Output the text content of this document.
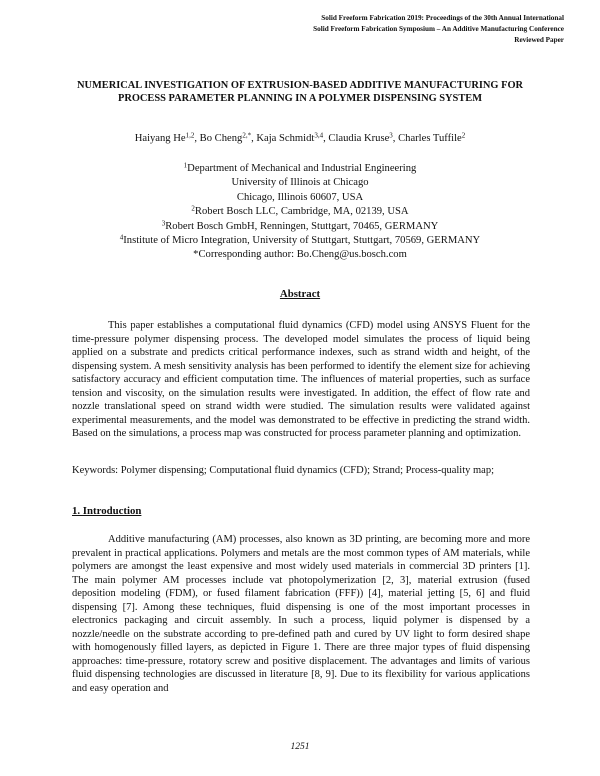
Solid Freeform Fabrication 2019: Proceedings of the 30th Annual International
Solid Freeform Fabrication Symposium – An Additive Manufacturing Conference
Reviewed Paper
NUMERICAL INVESTIGATION OF EXTRUSION-BASED ADDITIVE MANUFACTURING FOR PROCESS PARAMETER PLANNING IN A POLYMER DISPENSING SYSTEM
Haiyang He$^{1,2}$, Bo Cheng$^{2,*}$, Kaja Schmidt$^{3,4}$, Claudia Kruse$^3$, Charles Tuffile$^2$
$^1$Department of Mechanical and Industrial Engineering
University of Illinois at Chicago
Chicago, Illinois 60607, USA
$^2$Robert Bosch LLC, Cambridge, MA, 02139, USA
$^3$Robert Bosch GmbH, Renningen, Stuttgart, 70465, GERMANY
$^4$Institute of Micro Integration, University of Stuttgart, Stuttgart, 70569, GERMANY
*Corresponding author: Bo.Cheng@us.bosch.com
Abstract
This paper establishes a computational fluid dynamics (CFD) model using ANSYS Fluent for the time-pressure polymer dispensing process. The developed model simulates the process of liquid being applied on a substrate and predicts critical performance indexes, such as strand width and height, of the dispensing system. A mesh sensitivity analysis has been performed to identify the element size for achieving satisfactory accuracy and efficient computation time. The influences of material properties, such as surface tension and viscosity, on the simulation results were investigated. In addition, the effect of flow rate and nozzle translational speed on strand width were studied. The simulation results were validated against experimental measurements, and the model was demonstrated to be effective in predicting the strand width. Based on the simulations, a process map was constructed for process parameter planning and optimization.
Keywords: Polymer dispensing; Computational fluid dynamics (CFD); Strand; Process-quality map;
1. Introduction
Additive manufacturing (AM) processes, also known as 3D printing, are becoming more and more prevalent in practical applications. Polymers and metals are the most common types of AM materials, while polymers are amongst the least expensive and most widely used materials in commercial 3D printers [1]. The main polymer AM processes include vat photopolymerization [2, 3], material extrusion (fused deposition modeling (FDM), or fused filament fabrication (FFF)) [4], material jetting [5, 6] and fluid dispensing [7]. Among these techniques, fluid dispensing is one of the most important processes in electronics packaging and circuit assembly. In such a process, liquid polymer is dispensed by a nozzle/needle on the substrate according to pre-defined path and cured by UV light to form desired shape with homogenously filled layers, as depicted in Figure 1. There are three major types of fluid dispensing approaches: time-pressure, rotatory screw and positive displacement. The advantages and limits of various fluid dispensing technologies are discussed in literature [8, 9]. Due to its flexibility for various applications and easy operation and
1251
